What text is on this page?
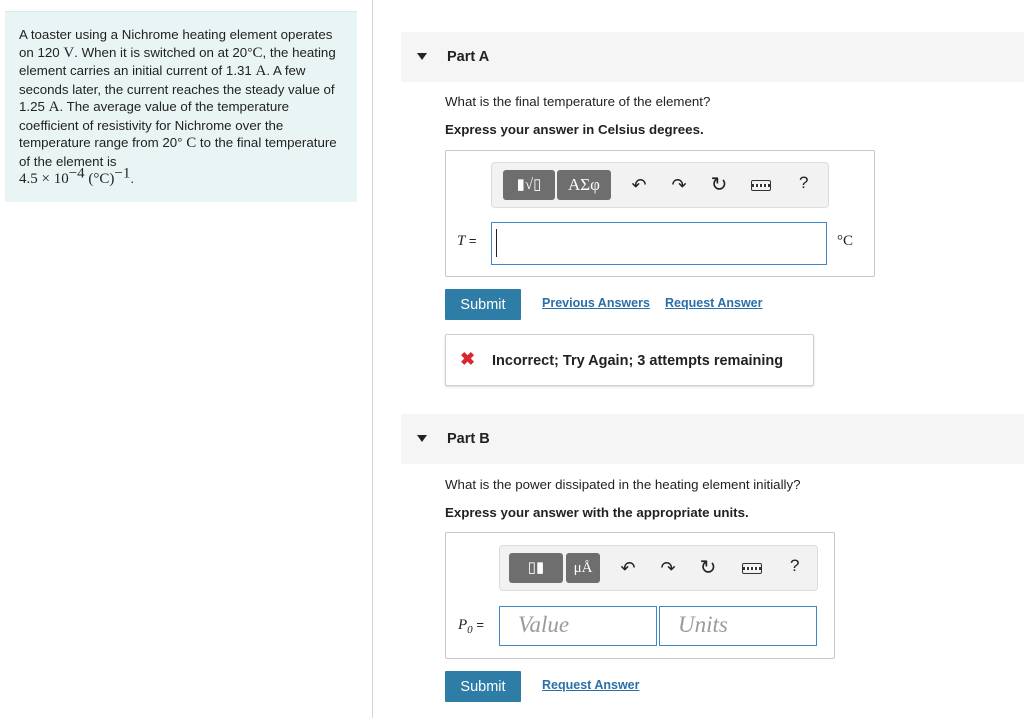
A toaster using a Nichrome heating element operates on 120 V. When it is switched on at 20°C, the heating element carries an initial current of 1.31 A. A few seconds later, the current reaches the steady value of 1.25 A. The average value of the temperature coefficient of resistivity for Nichrome over the temperature range from 20° C to the final temperature of the element is
$4.5 \times 10^{-4}$ $(^\circ C)^{-1}$.
Part A
What is the final temperature of the element?
Express your answer in Celsius degrees.
▮√▯	ΑΣφ	↶ ↷ ↻	?
T =	°C
Submit	Previous Answers Request Answer
✖ Incorrect; Try Again; 3 attempts remaining
Part B
What is the power dissipated in the heating element initially?
Express your answer with the appropriate units.
▯▮	μÅ	↶ ↷ ↻	?
$P_0$ =	Value	Units
Submit	Request Answer
